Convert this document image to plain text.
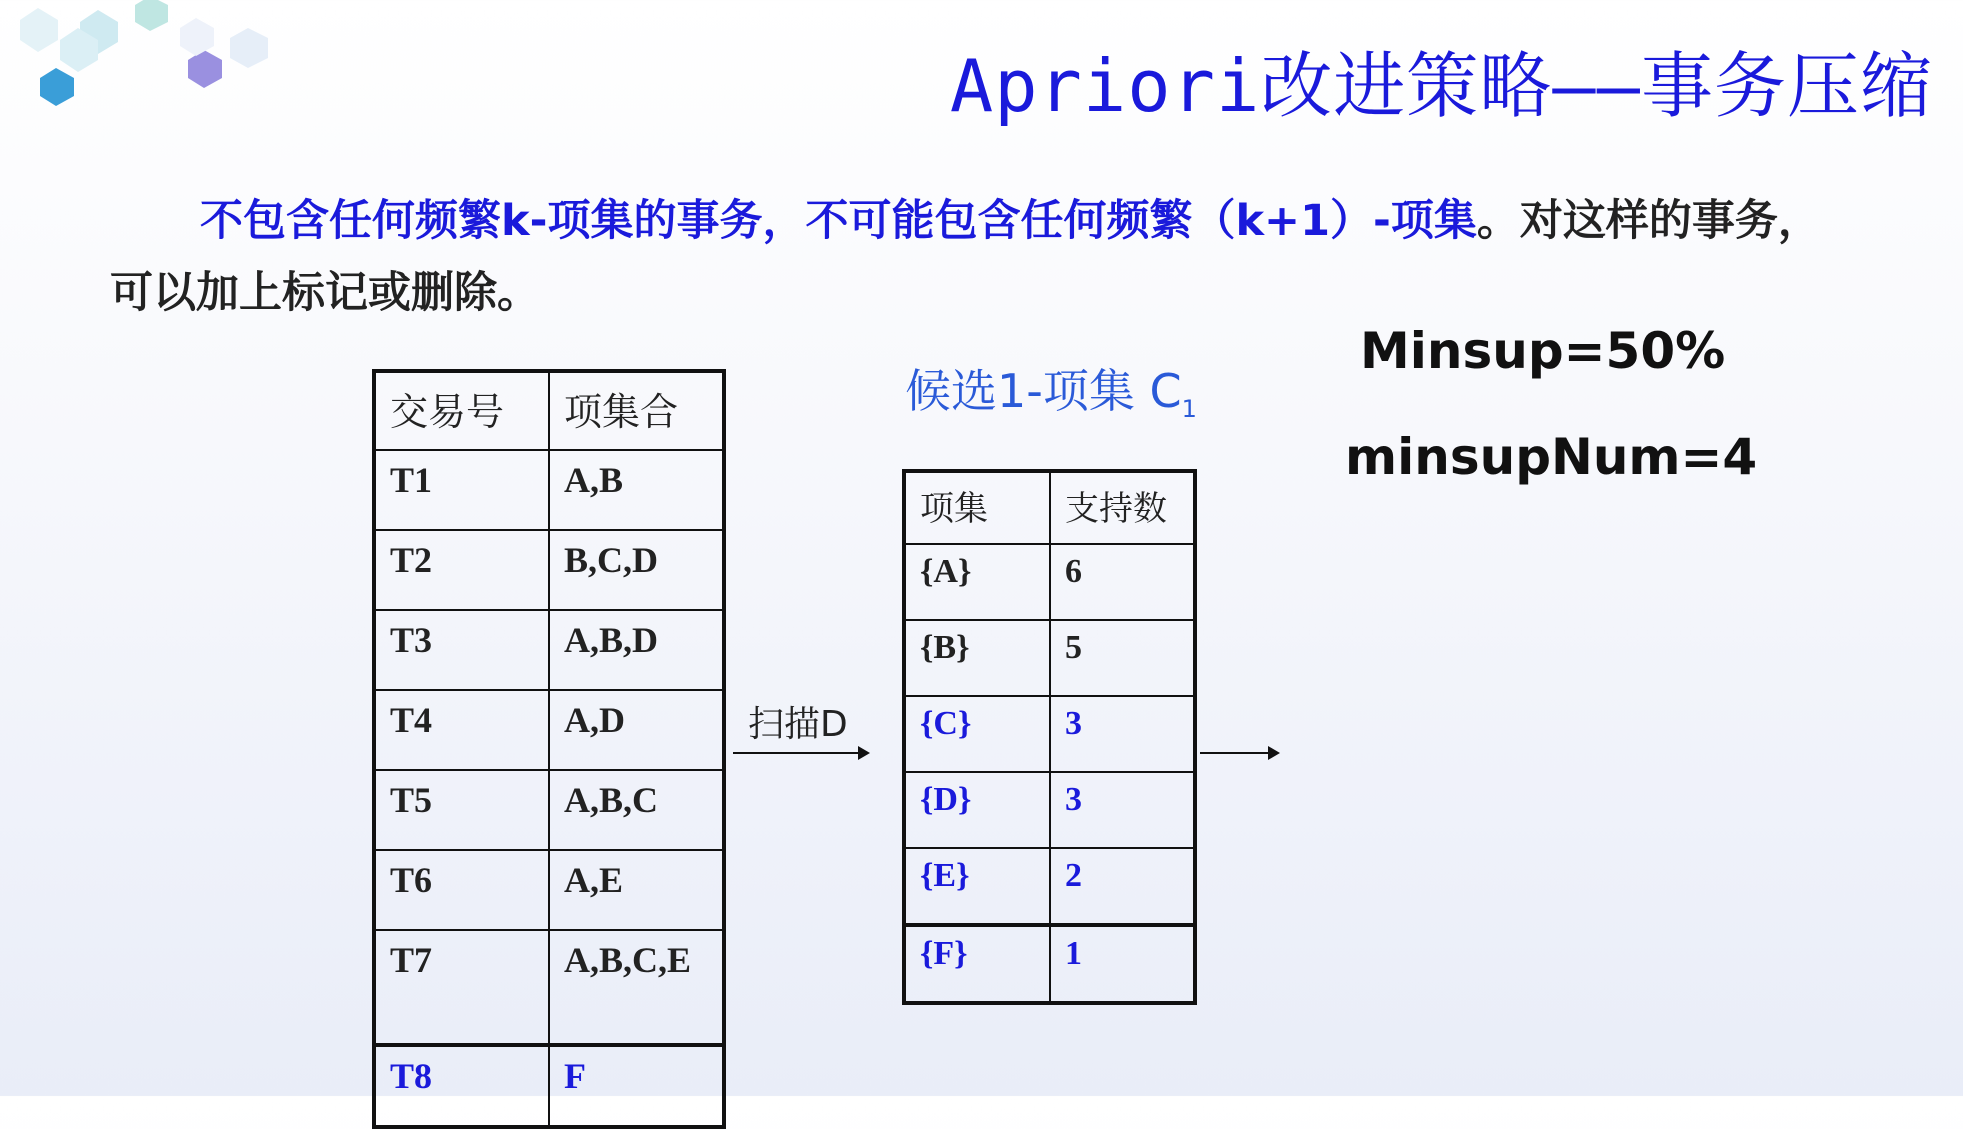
Apriori改进策略——事务压缩
不包含任何频繁k-项集的事务，不可能包含任何频繁（k+1）-项集。对这样的事务，可以加上标记或删除。
Minsup=50%
minsupNum=4
候选1-项集 $C_1$
交易号	项集合
T1	A,B
T2	B,C,D
T3	A,B,D
T4	A,D
T5	A,B,C
T6	A,E
T7	A,B,C,E
T8	F
扫描D
项集	支持数
{A}	6
{B}	5
{C}	3
{D}	3
{E}	2
{F}	1
